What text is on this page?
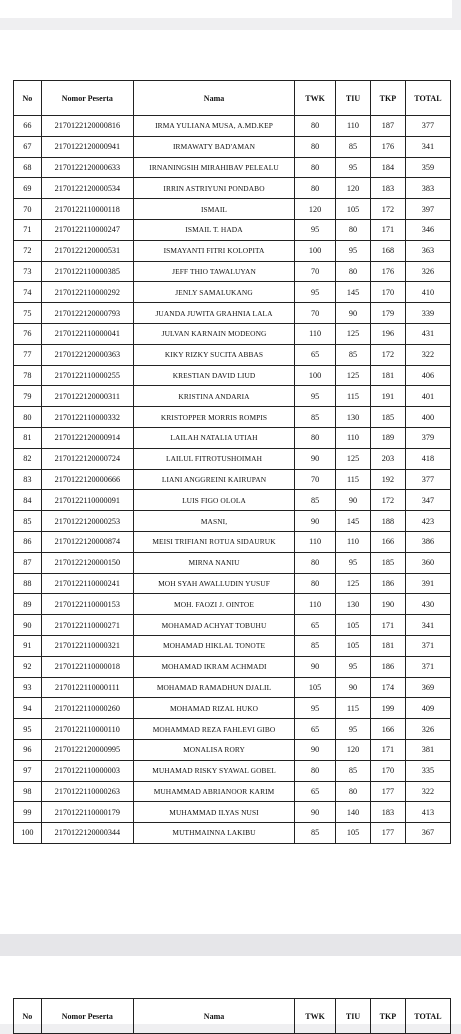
No	Nomor Peserta	Nama	TWK	TIU	TKP	TOTAL
66	2170122120000816	IRMA YULIANA MUSA, A.MD.KEP	80	110	187	377
67	2170122120000941	IRMAWATY BAD'AMAN	80	85	176	341
68	2170122120000633	IRNANINGSIH MIRAHIBAV PELEALU	80	95	184	359
69	2170122120000534	IRRIN ASTRIYUNI PONDABO	80	120	183	383
70	2170122110000118	ISMAIL	120	105	172	397
71	2170122110000247	ISMAIL T. HADA	95	80	171	346
72	2170122120000531	ISMAYANTI FITRI KOLOPITA	100	95	168	363
73	2170122110000385	JEFF THIO TAWALUYAN	70	80	176	326
74	2170122110000292	JENLY SAMALUKANG	95	145	170	410
75	2170122120000793	JUANDA JUWITA GRAHNIA LALA	70	90	179	339
76	2170122110000041	JULVAN KARNAIN MODEONG	110	125	196	431
77	2170122120000363	KIKY RIZKY SUCITA ABBAS	65	85	172	322
78	2170122110000255	KRESTIAN DAVID LIUD	100	125	181	406
79	2170122120000311	KRISTINA ANDARIA	95	115	191	401
80	2170122110000332	KRISTOPPER MORRIS ROMPIS	85	130	185	400
81	2170122120000914	LAILAH NATALIA UTIAH	80	110	189	379
82	2170122120000724	LAILUL FITROTUSHOIMAH	90	125	203	418
83	2170122120000666	LIANI ANGGREINI KAIRUPAN	70	115	192	377
84	2170122110000091	LUIS FIGO OLOLA	85	90	172	347
85	2170122120000253	MASNI,	90	145	188	423
86	2170122120000874	MEISI TRIFIANI ROTUA SIDAURUK	110	110	166	386
87	2170122120000150	MIRNA NANIU	80	95	185	360
88	2170122110000241	MOH SYAH AWALLUDIN YUSUF	80	125	186	391
89	2170122110000153	MOH. FAOZI J. OINTOE	110	130	190	430
90	2170122110000271	MOHAMAD ACHYAT TOBUHU	65	105	171	341
91	2170122110000321	MOHAMAD HIKLAL TONOTE	85	105	181	371
92	2170122110000018	MOHAMAD IKRAM ACHMADI	90	95	186	371
93	2170122110000111	MOHAMAD RAMADHUN DJALIL	105	90	174	369
94	2170122110000260	MOHAMAD RIZAL HUKO	95	115	199	409
95	2170122110000110	MOHAMMAD REZA FAHLEVI GIBO	65	95	166	326
96	2170122120000995	MONALISA RORY	90	120	171	381
97	2170122110000003	MUHAMAD RISKY SYAWAL GOBEL	80	85	170	335
98	2170122110000263	MUHAMMAD ABRIANOOR KARIM	65	80	177	322
99	2170122110000179	MUHAMMAD ILYAS NUSI	90	140	183	413
100	2170122120000344	MUTHMAINNA LAKIBU	85	105	177	367
No	Nomor Peserta	Nama	TWK	TIU	TKP	TOTAL
